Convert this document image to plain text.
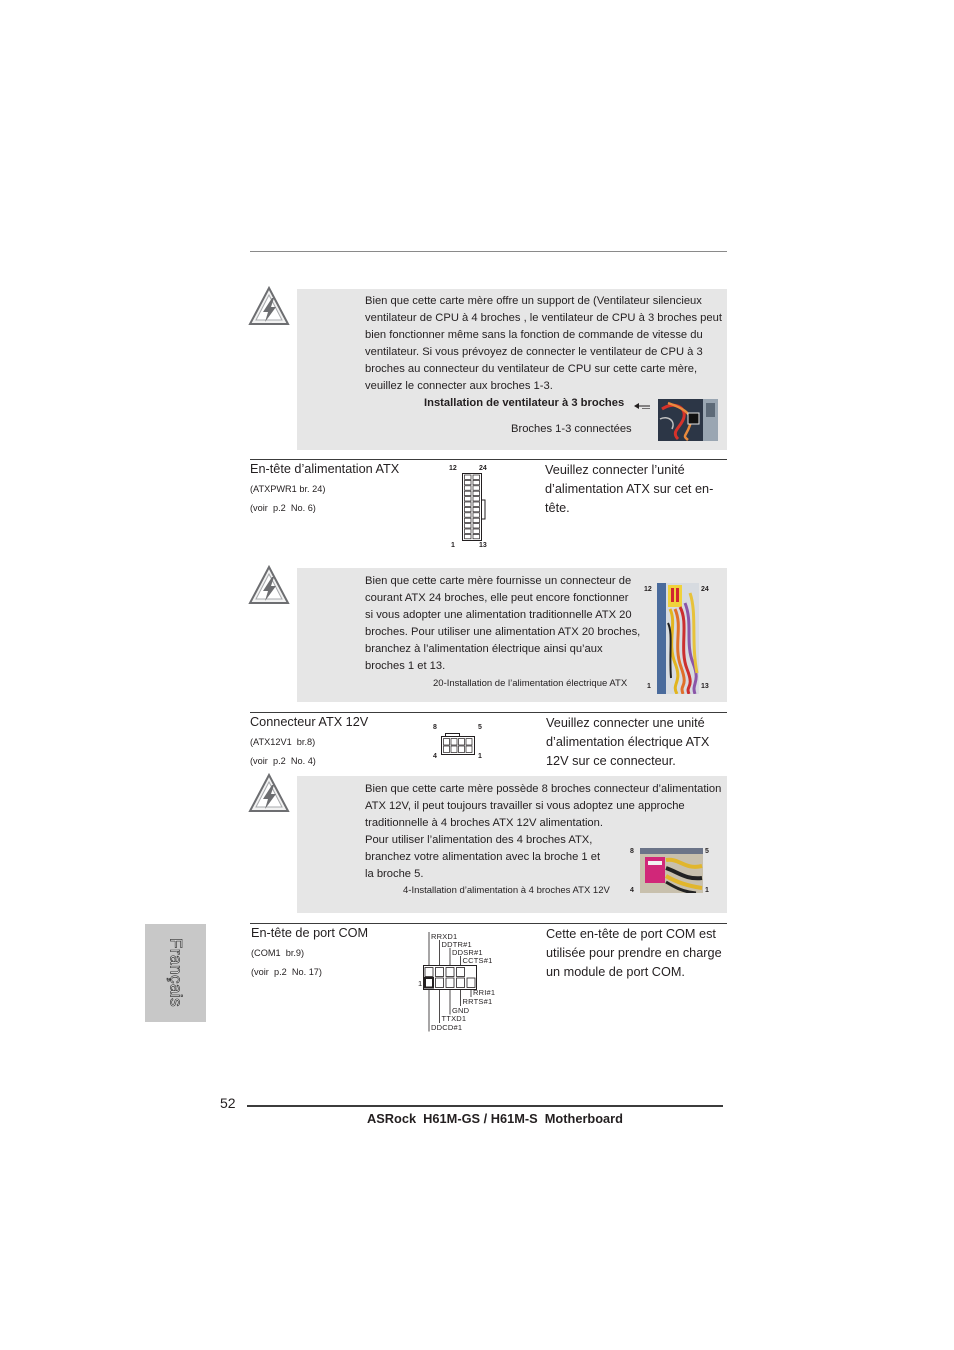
Bien que cette carte mère offre un support de (Ventilateur silencieux
ventilateur de CPU à 4 broches , le ventilateur de CPU à 3 broches peut
bien fonctionner même sans la fonction de commande de vitesse du
ventilateur. Si vous prévoyez de connecter le ventilateur de CPU à 3
broches au connecteur du ventilateur de CPU sur cette carte mère,
veuillez le connecter aux broches 1-3.
Installation de ventilateur à 3 broches
Broches 1-3 connectées
En-tête d’alimentation ATX
(ATXPWR1 br. 24)
(voir  p.2  No. 6)
12	24
1	13
Veuillez connecter l’unité
d’alimentation ATX sur cet en-
tête.
Bien que cette carte mère fournisse un connecteur de
courant ATX 24 broches, elle peut encore fonctionner
si vous adopter une alimentation traditionnelle ATX 20
broches. Pour utiliser une alimentation ATX 20 broches,
branchez à l’alimentation électrique ainsi qu’aux
broches 1 et 13.
20-Installation de l’alimentation électrique ATX
12	24
1	13
Connecteur ATX 12V
(ATX12V1  br.8)
(voir  p.2  No. 4)
8	5
4	1
Veuillez connecter une unité
d’alimentation électrique ATX
12V sur ce connecteur.
Bien que cette carte mère possède 8 broches connecteur d’alimentation
ATX 12V, il peut toujours travailler si vous adoptez une approche
traditionnelle à 4 broches ATX 12V alimentation.
Pour utiliser l’alimentation des 4 broches ATX,
branchez votre alimentation avec la broche 1 et
la broche 5.
4-Installation d’alimentation à 4 broches ATX 12V
8	5
4	1
En-tête de port COM
(COM1  br.9)
(voir  p.2  No. 17)
1
RRXD1
DDTR#1
DDSR#1
CCTS#1
RRI#1
RRTS#1
GND
TTXD1
DDCD#1
Cette en-tête de port COM est
utilisée pour prendre en charge
un module de port COM.
Français
52
ASRock  H61M-GS / H61M-S  Motherboard
